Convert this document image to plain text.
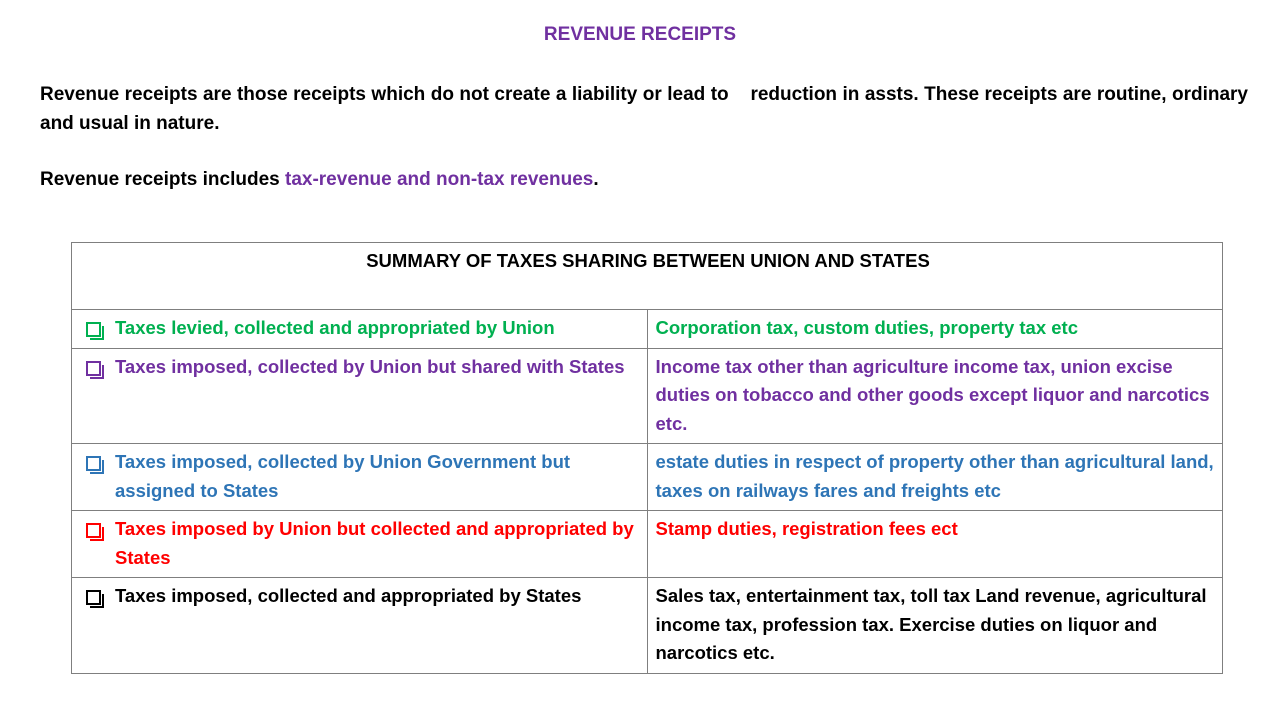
REVENUE RECEIPTS
Revenue receipts are those receipts which do not create a liability or lead to    reduction in assts. These receipts are routine, ordinary and usual in nature.
Revenue receipts includes tax-revenue and non-tax revenues.
SUMMARY OF TAXES SHARING BETWEEN UNION AND STATES	

Taxes levied, collected and appropriated by Union	Corporation tax, custom duties, property tax etc

Taxes imposed, collected by Union but shared with States	Income tax other than agriculture income tax, union excise duties on tobacco and other goods except liquor and narcotics etc.

Taxes imposed, collected by Union Government but assigned to States	estate duties in respect of property other than agricultural land, taxes on railways fares and freights etc

Taxes imposed by Union but collected and appropriated by States	Stamp duties, registration fees ect

Taxes imposed, collected and appropriated by States	Sales tax, entertainment tax, toll tax Land revenue, agricultural income tax, profession tax. Exercise duties on liquor and narcotics etc.
